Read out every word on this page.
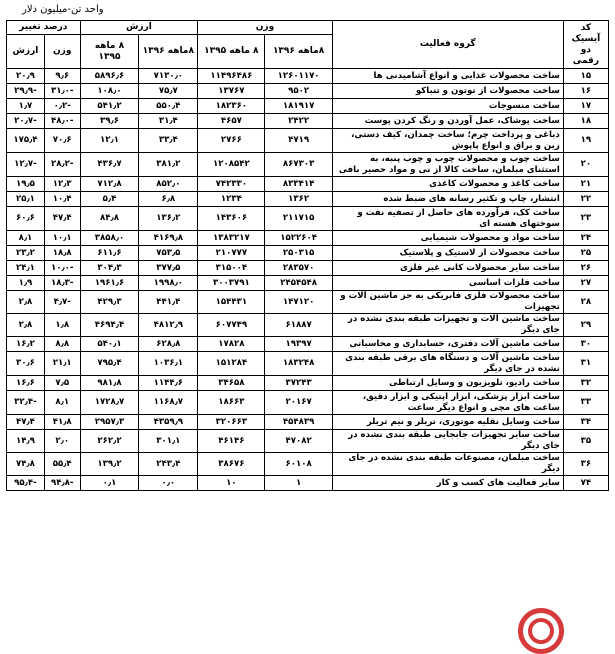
واحد تن-میلیون دلار
کد آیسیک دو رقمی	گروه فعالیت	وزن		ارزش		درصد تغییر	
		۸ماهه ۱۳۹۶	۸ ماهه ۱۳۹۵	۸ماهه ۱۳۹۶	۸ ماهه ۱۳۹۵	وزن	ارزش
۱۵	ساخت محصولات غذایی و انواع آشامیدنی ها	۱۲۶۰۱۱۷۰	۱۱۴۹۶۴۸۶	۷۱۳۰٫۰	۵۸۹۶٫۶	۹٫۶	۲۰٫۹
۱۶	ساخت محصولات از توتون و تنباکو	۹۵۰۲	۱۳۷۶۷	۷۵٫۷	۱۰۸٫۰	-۳۱٫۰	-۲۹٫۹
۱۷	ساخت منسوجات	۱۸۱۹۱۷	۱۸۲۳۶۰	۵۵۰٫۴	۵۴۱٫۲	-۰٫۲	۱٫۷
۱۸	ساخت پوشاک، عمل آوردن و رنگ کردن پوست	۲۴۲۲	۴۶۵۷	۳۱٫۴	۳۹٫۶	-۴۸٫۰	-۲۰٫۷
۱۹	دباغی و پرداخت چرم؛ ساخت چمدان، کیف دستی، زین و براق و انواع پاپوش	۴۷۱۹	۲۷۶۶	۳۳٫۴	۱۲٫۱	۷۰٫۶	۱۷۵٫۴
۲۰	ساخت چوب و محصولات چوب و چوب پنبه، به استثنای مبلمان، ساخت کالا از نی و مواد حصیر بافی	۸۶۷۳۰۳	۱۲۰۸۵۴۲	۳۸۱٫۲	۴۳۶٫۷	-۲۸٫۲	-۱۲٫۷
۲۱	ساخت کاغذ و محصولات کاغذی	۸۳۳۴۱۴	۷۴۲۳۳۰	۸۵۲٫۰	۷۱۲٫۸	۱۲٫۳	۱۹٫۵
۲۲	انتشار، چاپ و تکثیر رسانه های ضبط شده	۱۳۶۲	۱۲۳۴	۶٫۸	۵٫۴	۱۰٫۴	۲۵٫۱
۲۳	ساخت کک، فرآورده های حاصل از تصفیه نفت و سوختهای هسته ای	۲۱۱۷۱۵	۱۴۳۶۰۶	۱۳۶٫۲	۸۴٫۸	۴۷٫۴	۶۰٫۶
۲۴	ساخت مواد و محصولات شیمیایی	۱۵۲۲۶۰۴	۱۳۸۳۲۱۷	۴۱۶۹٫۸	۳۸۵۸٫۰	۱۰٫۱	۸٫۱
۲۵	ساخت محصولات از لاستیک و پلاستیک	۲۵۰۳۱۵	۲۱۰۷۷۷	۷۵۳٫۵	۶۱۱٫۶	۱۸٫۸	۲۳٫۲
۲۶	ساخت سایر محصولات کانی غیر فلزی	۲۸۳۵۷۰	۳۱۵۰۰۴	۳۷۷٫۵	۳۰۴٫۳	-۱۰٫۰	۲۴٫۱
۲۷	ساخت فلزات اساسی	۲۴۵۴۵۴۸	۳۰۰۳۷۹۱	۱۹۹۸٫۰	۱۹۶۱٫۶	-۱۸٫۳	۱٫۹
۲۸	ساخت محصولات فلزی فابریکی به جز ماشین آلات و تجهیزات	۱۴۷۱۲۰	۱۵۴۴۳۱	۴۴۱٫۴	۴۲۹٫۳	-۴٫۷	۲٫۸
۲۹	ساخت ماشین آلات و تجهیزات طبقه بندی نشده در جای دیگر	۶۱۸۸۷	۶۰۷۷۴۹	۴۸۱۲٫۹	۴۶۹۴٫۴	۱٫۸	۲٫۸
۳۰	ساخت ماشین آلات دفتری، حسابداری و محاسباتی	۱۹۳۹۷	۱۷۸۲۸	۶۲۸٫۸	۵۴۰٫۱	۸٫۸	۱۶٫۲
۳۱	ساخت ماشین آلات و دستگاه های برقی طبقه بندی نشده در جای دیگر	۱۸۳۲۴۸	۱۵۱۲۸۴	۱۰۳۶٫۱	۷۹۵٫۴	۲۱٫۱	۳۰٫۶
۳۲	ساخت رادیو، تلویزیون و وسایل ارتباطی	۳۷۲۴۳	۳۴۶۵۸	۱۱۴۴٫۶	۹۸۱٫۸	۷٫۵	۱۶٫۶
۳۳	ساخت ابزار پزشکی، ابزار اپتیکی و ابزار دقیق، ساعت های مچی و انواع دیگر ساعت	۲۰۱۶۷	۱۸۶۶۳	۱۱۶۸٫۷	۱۷۲۸٫۷	۸٫۱	-۳۲٫۴
۳۴	ساخت وسایل نقلیه موتوری، تریلر و نیم تریلر	۴۵۴۸۳۹	۳۲۰۶۶۳	۴۳۵۹٫۹	۲۹۵۷٫۳	۴۱٫۸	۴۷٫۴
۳۵	ساخت سایر تجهیزات جابجایی طبقه بندی نشده در جای دیگر	۴۷۰۸۲	۴۶۱۴۶	۳۰۱٫۱	۲۶۲٫۲	۲٫۰	۱۴٫۹
۳۶	ساخت مبلمان، مصنوعات طبقه بندی نشده در جای دیگر	۶۰۱۰۸	۳۸۶۷۶	۲۴۳٫۴	۱۳۹٫۲	۵۵٫۴	۷۴٫۸
۷۴	سایر فعالیت های کسب و کار	۱	۱۰	۰٫۰	۰٫۱	-۹۴٫۸	-۹۵٫۴
